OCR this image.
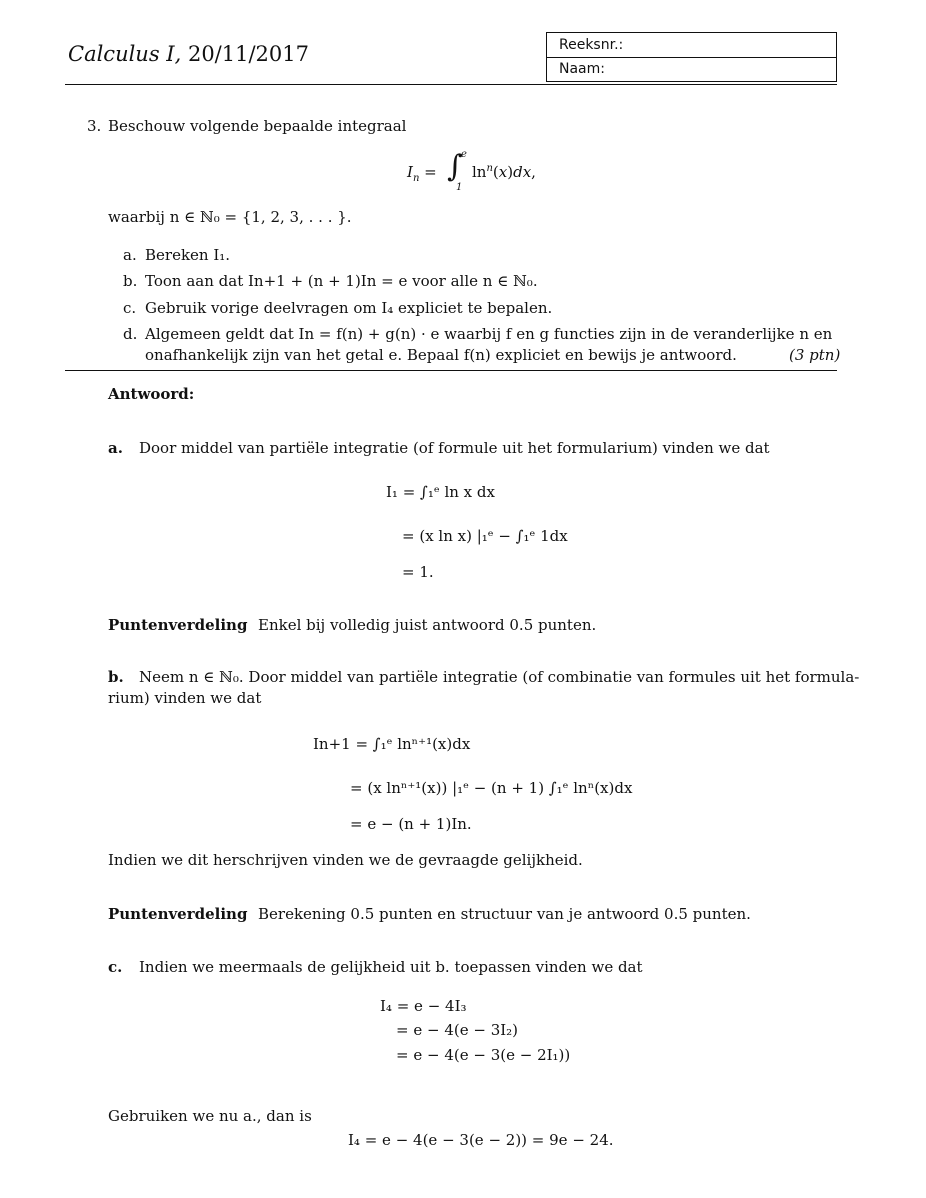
Calculus I, 20/11/2017	Reeksnr.:
Naam:
3. Beschouw volgende bepaalde integraal
$I_n$ = ∫
e
1
$\ln^n(x)dx$,
waarbij n ∈ ℕ₀ = {1, 2, 3, . . . }.
a. Bereken I₁.
b. Toon aan dat In+1 + (n + 1)In = e voor alle n ∈ ℕ₀.
c. Gebruik vorige deelvragen om I₄ expliciet te bepalen.
d. Algemeen geldt dat In = f(n) + g(n) · e waarbij f en g functies zijn in de veranderlijke n en
onafhankelijk zijn van het getal e. Bepaal f(n) expliciet en bewijs je antwoord.	(3 ptn)
Antwoord:
a. Door middel van partiële integratie (of formule uit het formularium) vinden we dat
I₁ = ∫₁ᵉ ln x dx
= (x ln x) |₁ᵉ − ∫₁ᵉ 1dx
= 1.
Puntenverdeling Enkel bij volledig juist antwoord 0.5 punten.
b. Neem n ∈ ℕ₀. Door middel van partiële integratie (of combinatie van formules uit het formula-
rium) vinden we dat
In+1 = ∫₁ᵉ lnⁿ⁺¹(x)dx
= (x lnⁿ⁺¹(x)) |₁ᵉ − (n + 1) ∫₁ᵉ lnⁿ(x)dx
= e − (n + 1)In.
Indien we dit herschrijven vinden we de gevraagde gelijkheid.
Puntenverdeling Berekening 0.5 punten en structuur van je antwoord 0.5 punten.
c. Indien we meermaals de gelijkheid uit b. toepassen vinden we dat
I₄ = e − 4I₃
= e − 4(e − 3I₂)
= e − 4(e − 3(e − 2I₁))
Gebruiken we nu a., dan is
I₄ = e − 4(e − 3(e − 2)) = 9e − 24.
